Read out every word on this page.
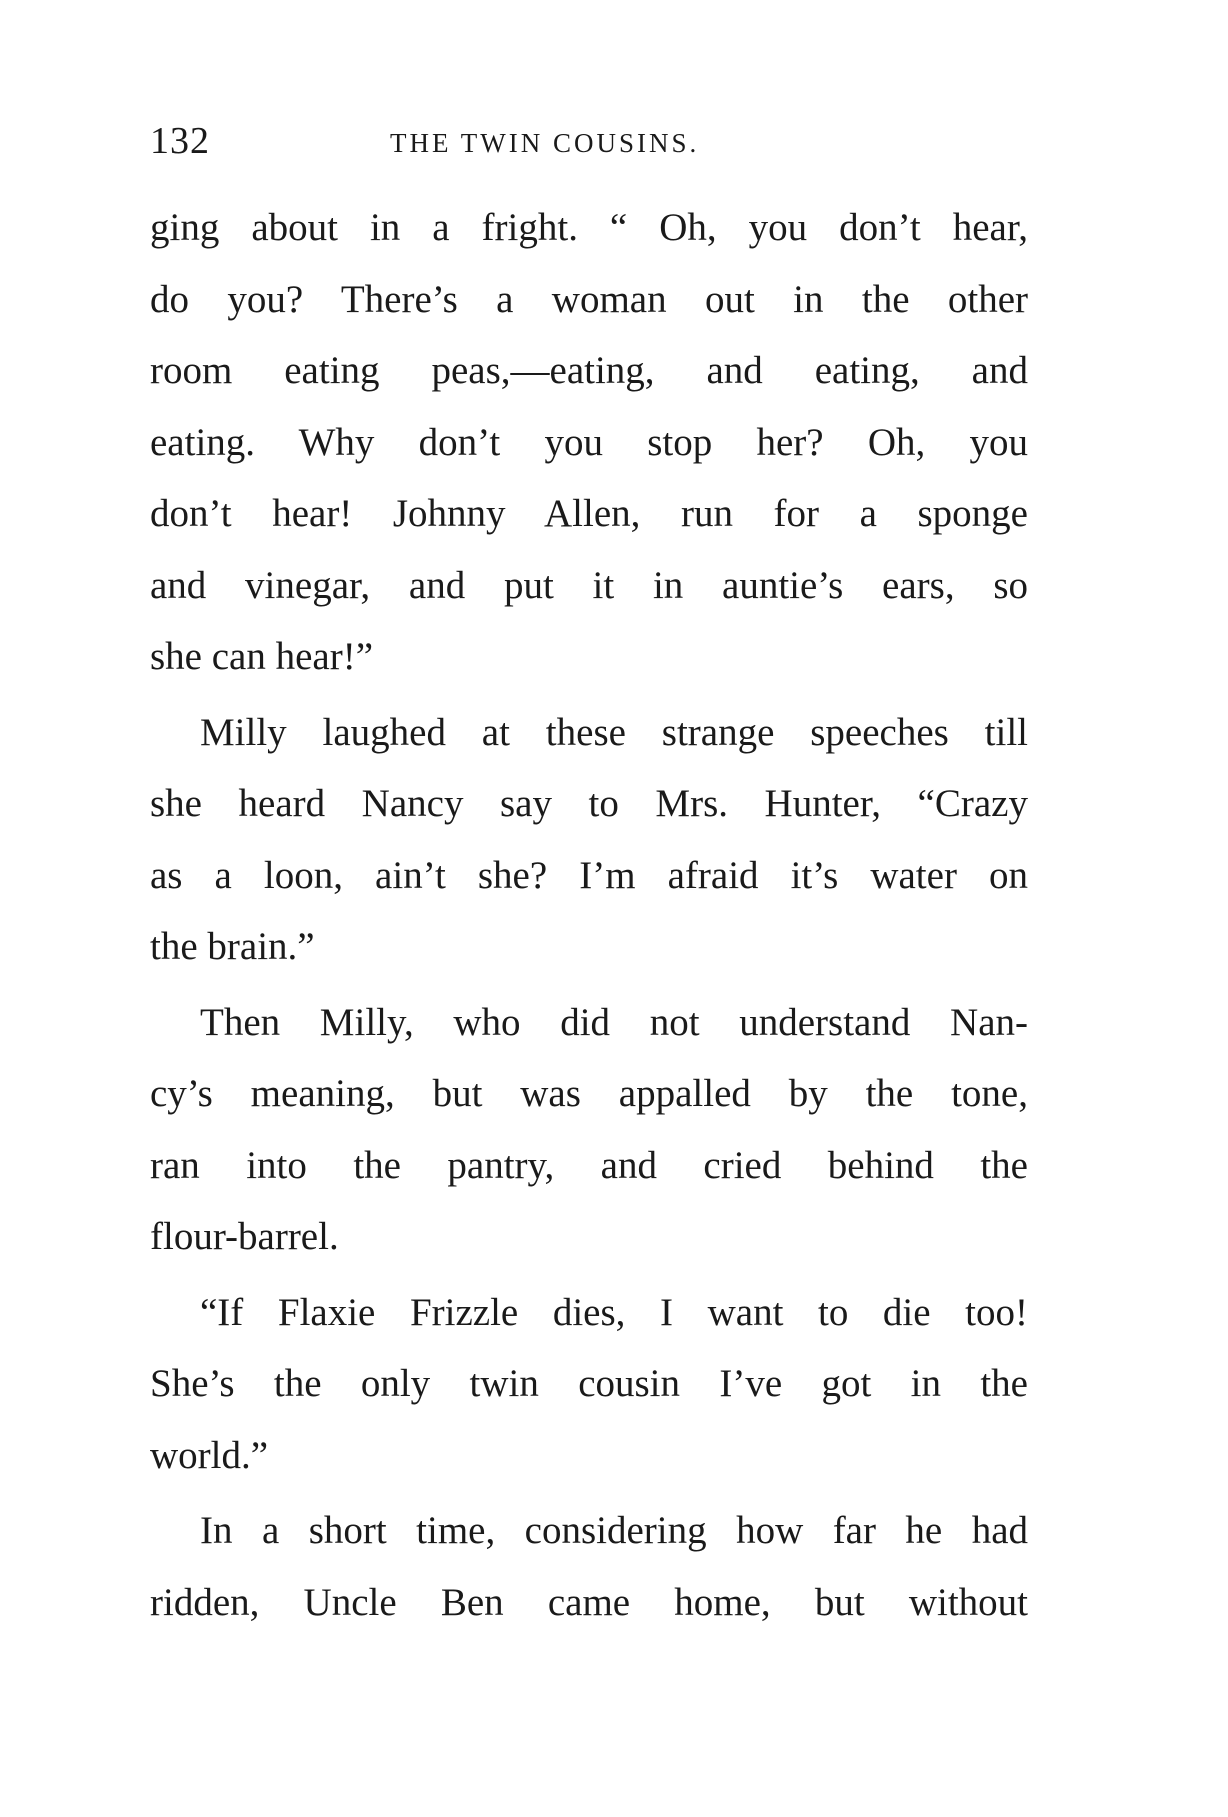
132	THE TWIN COUSINS.
ging about in a fright. “ Oh, you don’t hear,
do you? There’s a woman out in the other
room eating peas,—eating, and eating, and
eating. Why don’t you stop her? Oh, you
don’t hear! Johnny Allen, run for a sponge
and vinegar, and put it in auntie’s ears, so
she can hear!”
Milly laughed at these strange speeches till
she heard Nancy say to Mrs. Hunter, “Crazy
as a loon, ain’t she? I’m afraid it’s water on
the brain.”
Then Milly, who did not understand Nan-
cy’s meaning, but was appalled by the tone,
ran into the pantry, and cried behind the
flour-barrel.
“If Flaxie Frizzle dies, I want to die too!
She’s the only twin cousin I’ve got in the
world.”
In a short time, considering how far he had
ridden, Uncle Ben came home, but without
